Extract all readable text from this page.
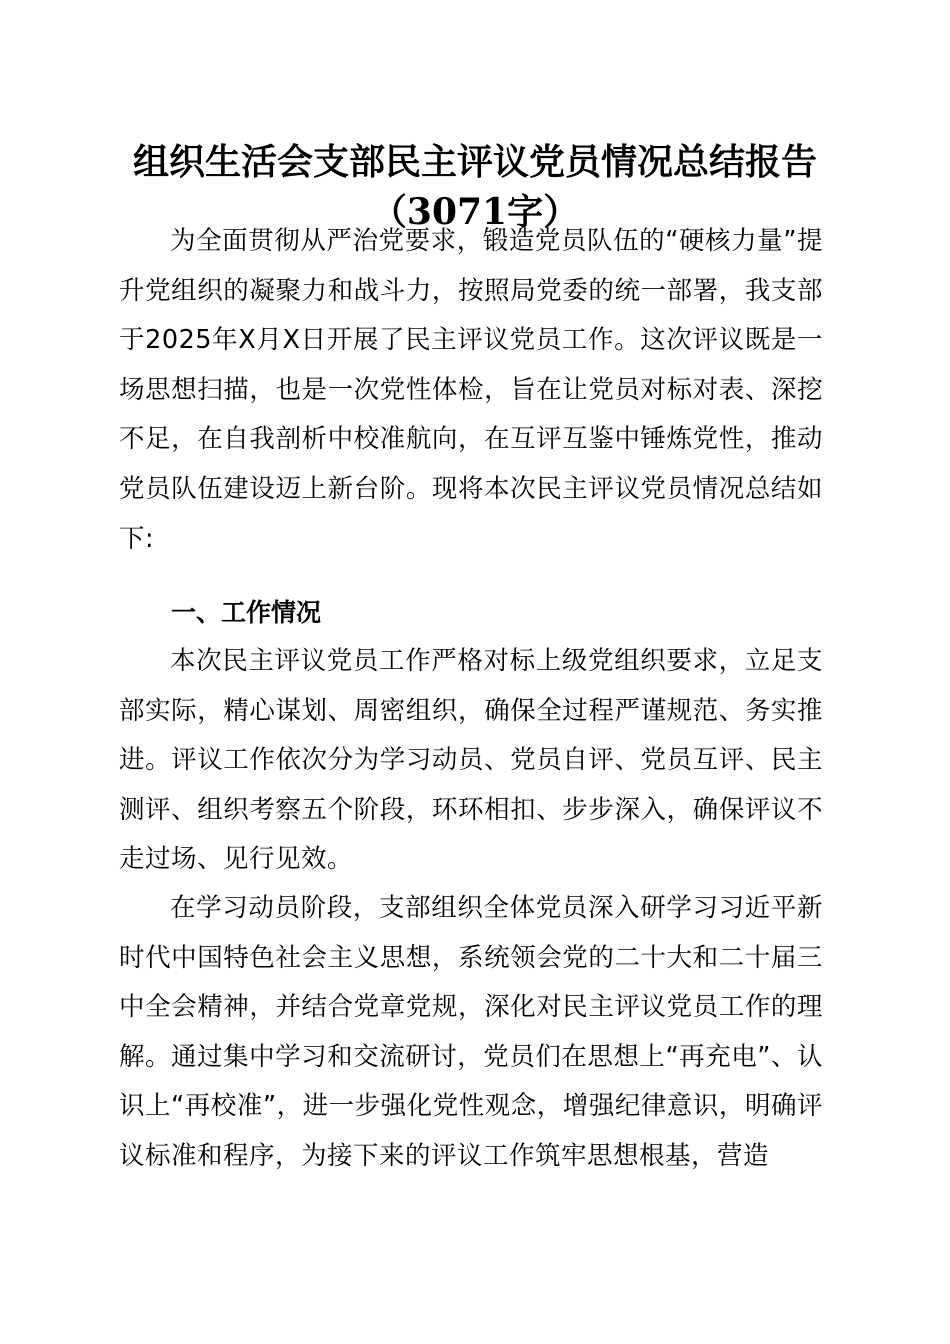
组织生活会支部民主评议党员情况总结报告
（3071字）

为全面贯彻从严治党要求，锻造党员队伍的“硬核力量”提升党组织的凝聚力和战斗力，按照局党委的统一部署，我支部于2025年X月X日开展了民主评议党员工作。这次评议既是一场思想扫描，也是一次党性体检，旨在让党员对标对表、深挖不足，在自我剖析中校准航向，在互评互鉴中锤炼党性，推动党员队伍建设迈上新台阶。现将本次民主评议党员情况总结如下:

一、工作情况

本次民主评议党员工作严格对标上级党组织要求，立足支部实际，精心谋划、周密组织，确保全过程严谨规范、务实推进。评议工作依次分为学习动员、党员自评、党员互评、民主测评、组织考察五个阶段，环环相扣、步步深入，确保评议不走过场、见行见效。

在学习动员阶段，支部组织全体党员深入研学习习近平新时代中国特色社会主义思想，系统领会党的二十大和二十届三中全会精神，并结合党章党规，深化对民主评议党员工作的理解。通过集中学习和交流研讨，党员们在思想上“再充电”、认识上“再校准”，进一步强化党性观念，增强纪律意识，明确评议标准和程序，为接下来的评议工作筑牢思想根基，营造
